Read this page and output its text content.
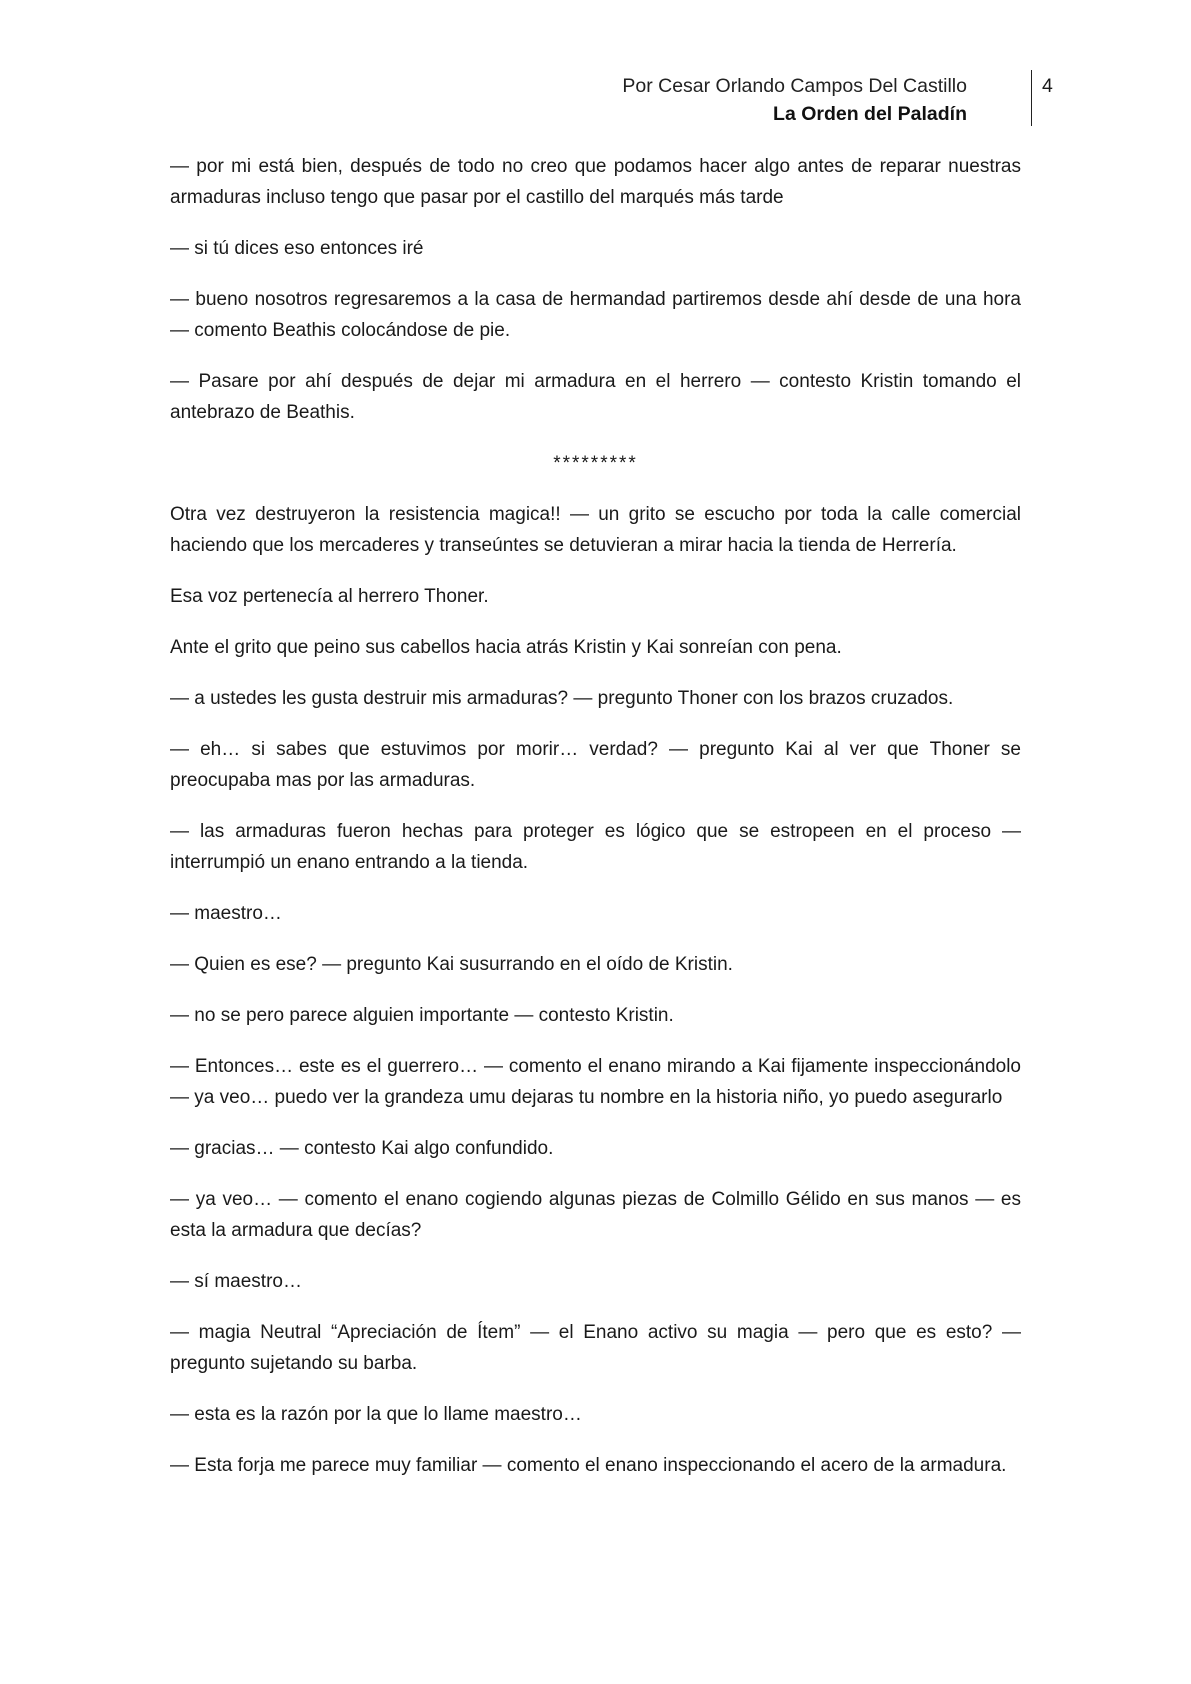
Por Cesar Orlando Campos Del Castillo
La Orden del Paladín
4

— por mi está bien, después de todo no creo que podamos hacer algo antes de reparar nuestras armaduras incluso tengo que pasar por el castillo del marqués más tarde

— si tú dices eso entonces iré

— bueno nosotros regresaremos a la casa de hermandad partiremos desde ahí desde de una hora — comento Beathis colocándose de pie.

— Pasare por ahí después de dejar mi armadura en el herrero — contesto Kristin tomando el antebrazo de Beathis.

*********

Otra vez destruyeron la resistencia magica!! — un grito se escucho por toda la calle comercial haciendo que los mercaderes y transeúntes se detuvieran a mirar hacia la tienda de Herrería.

Esa voz pertenecía al herrero Thoner.

Ante el grito que peino sus cabellos hacia atrás Kristin y Kai sonreían con pena.

— a ustedes les gusta destruir mis armaduras? — pregunto Thoner con los brazos cruzados.

— eh… si sabes que estuvimos por morir… verdad? — pregunto Kai al ver que Thoner se preocupaba mas por las armaduras.

— las armaduras fueron hechas para proteger es lógico que se estropeen en el proceso — interrumpió un enano entrando a la tienda.

— maestro…

— Quien es ese? — pregunto Kai susurrando en el oído de Kristin.

— no se pero parece alguien importante — contesto Kristin.

— Entonces… este es el guerrero… — comento el enano mirando a Kai fijamente inspeccionándolo — ya veo… puedo ver la grandeza umu dejaras tu nombre en la historia niño, yo puedo asegurarlo

— gracias… — contesto Kai algo confundido.

— ya veo… — comento el enano cogiendo algunas piezas de Colmillo Gélido en sus manos — es esta la armadura que decías?

— sí maestro…

— magia Neutral “Apreciación de Ítem” — el Enano activo su magia — pero que es esto? — pregunto sujetando su barba.

— esta es la razón por la que lo llame maestro…

— Esta forja me parece muy familiar — comento el enano inspeccionando el acero de la armadura.
